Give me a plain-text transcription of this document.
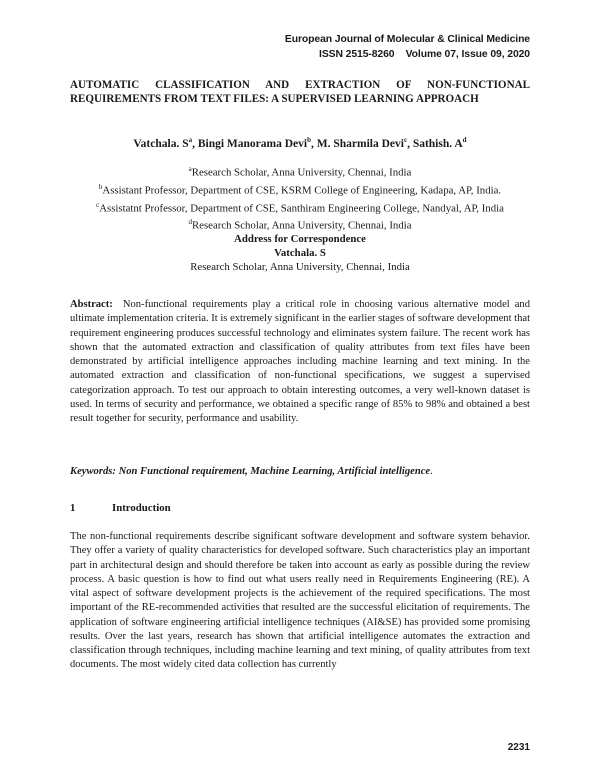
European Journal of Molecular & Clinical Medicine
ISSN 2515-8260    Volume 07, Issue 09, 2020
AUTOMATIC CLASSIFICATION AND EXTRACTION OF NON-FUNCTIONAL REQUIREMENTS FROM TEXT FILES: A SUPERVISED LEARNING APPROACH
Vatchala. $S^a$, Bingi Manorama Devi$^b$, M. Sharmila Devi$^c$, Sathish. $A^d$
$^a$Research Scholar, Anna University, Chennai, India
$^b$Assistant Professor, Department of CSE, KSRM College of Engineering, Kadapa, AP, India.
$^c$Assistatnt Professor, Department of CSE, Santhiram Engineering College, Nandyal, AP, India
$^d$Research Scholar, Anna University, Chennai, India
Address for Correspondence
Vatchala. S
Research Scholar, Anna University, Chennai, India
Abstract: Non-functional requirements play a critical role in choosing various alternative model and ultimate implementation criteria. It is extremely significant in the earlier stages of software development that requirement engineering produces successful technology and eliminates system failure. The recent work has shown that the automated extraction and classification of quality attributes from text files have been demonstrated by artificial intelligence approaches including machine learning and text mining. In the automated extraction and classification of non-functional specifications, we suggest a supervised categorization approach. To test our approach to obtain interesting outcomes, a very well-known dataset is used. In terms of security and performance, we obtained a specific range of 85% to 98% and obtained a best result together for security, performance and usability.
Keywords: Non Functional requirement, Machine Learning, Artificial intelligence.
1	Introduction
The non-functional requirements describe significant software development and software system behavior. They offer a variety of quality characteristics for developed software. Such characteristics play an important part in architectural design and should therefore be taken into account as early as possible during the review process. A basic question is how to find out what users really need in Requirements Engineering (RE). A vital aspect of software development projects is the achievement of the required specifications. The most important of the RE-recommended activities that resulted are the successful elicitation of requirements. The application of software engineering artificial intelligence techniques (AI&SE) has provided some promising results. Over the last years, research has shown that artificial intelligence automates the extraction and classification through techniques, including machine learning and text mining, of quality attributes from text documents. The most widely cited data collection has currently
2231
